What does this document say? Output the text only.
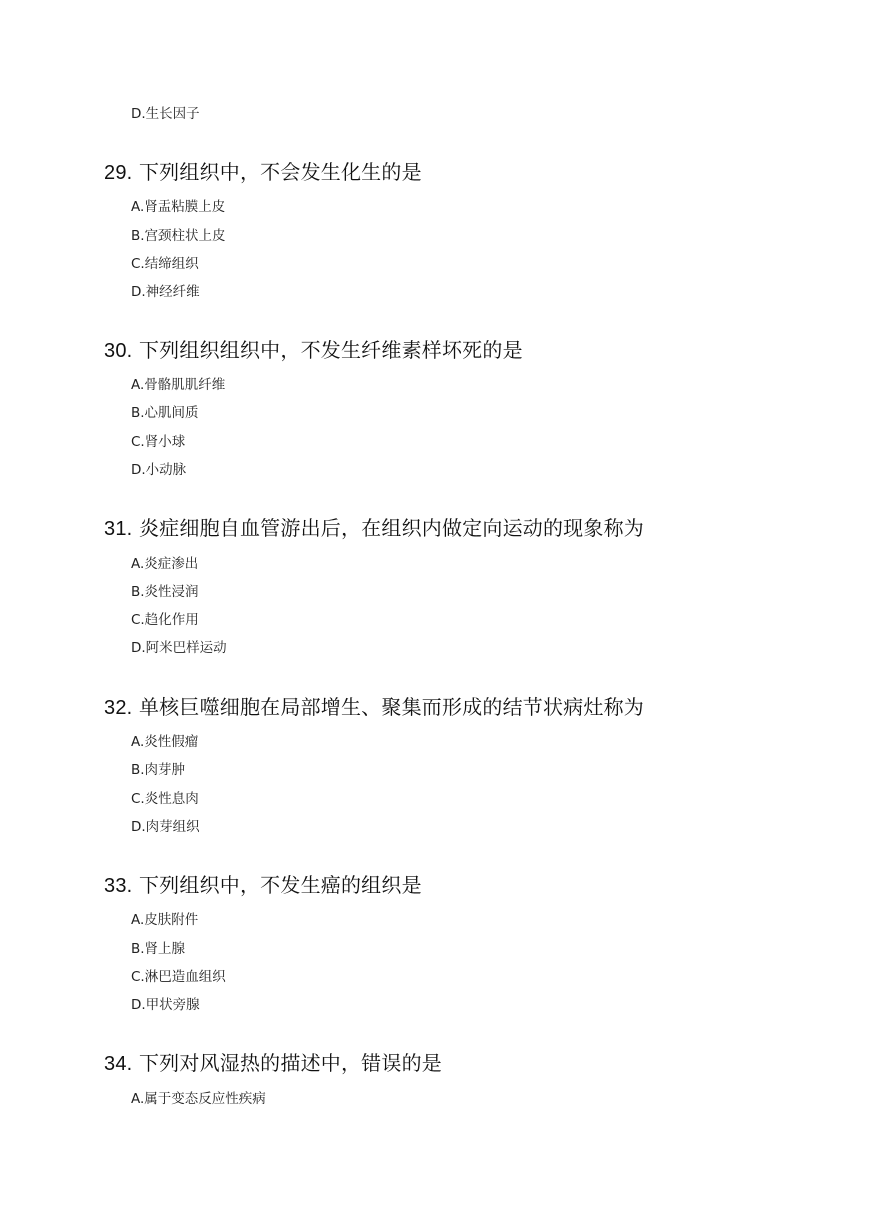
D.生长因子
29. 下列组织中，不会发生化生的是
A.肾盂粘膜上皮
B.宫颈柱状上皮
C.结缔组织
D.神经纤维
30. 下列组织组织中，不发生纤维素样坏死的是
A.骨骼肌肌纤维
B.心肌间质
C.肾小球
D.小动脉
31. 炎症细胞自血管游出后，在组织内做定向运动的现象称为
A.炎症渗出
B.炎性浸润
C.趋化作用
D.阿米巴样运动
32. 单核巨噬细胞在局部增生、聚集而形成的结节状病灶称为
A.炎性假瘤
B.肉芽肿
C.炎性息肉
D.肉芽组织
33. 下列组织中，不发生癌的组织是
A.皮肤附件
B.肾上腺
C.淋巴造血组织
D.甲状旁腺
34. 下列对风湿热的描述中，错误的是
A.属于变态反应性疾病
